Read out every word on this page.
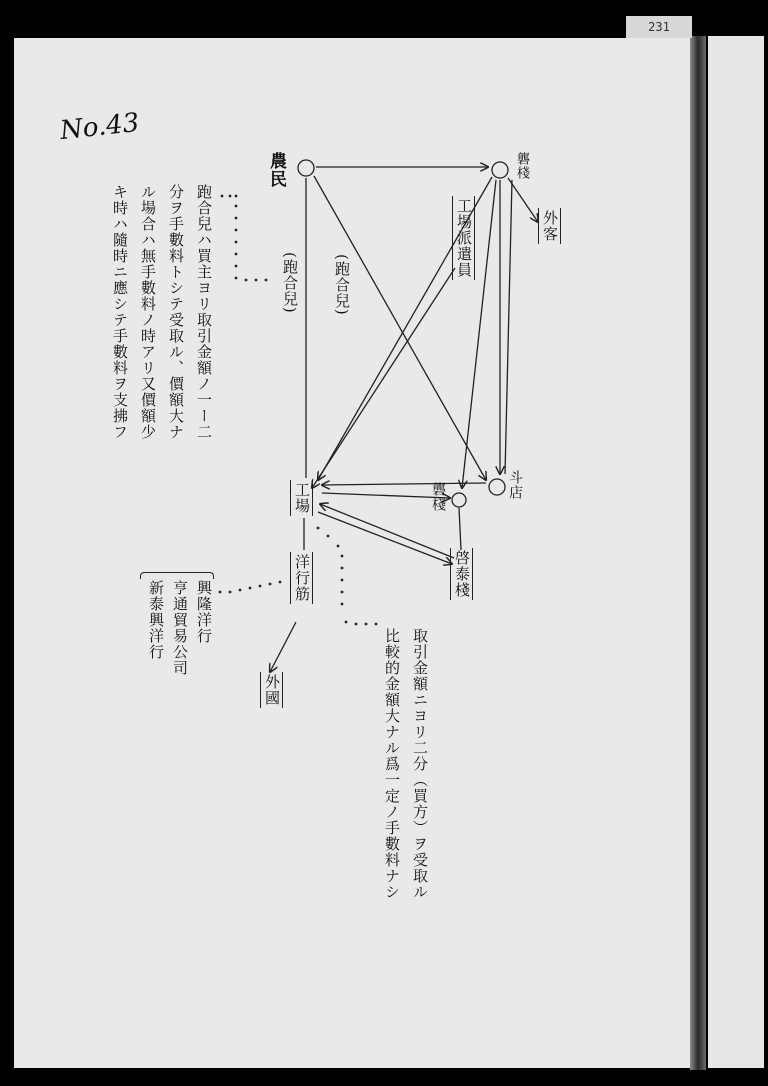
231
No.43
農民	礱棧
外客
工場派遣員
(跑合兒) (跑合兒)
斗店
工場	礱棧
啓泰棧
洋行筋
外國
跑合兒ハ買主ヨリ取引金額ノ一ー二
分ヲ手數料トシテ受取ル、價額大ナ
ル場合ハ無手數料ノ時アリ又價額少
キ時ハ隨時ニ應シテ手數料ヲ支拂フ
興隆洋行
亨通貿易公司
新泰興洋行
取引金額ニヨリ二分（買方）ヲ受取ル
比較的金額大ナル爲一定ノ手數料ナシ
